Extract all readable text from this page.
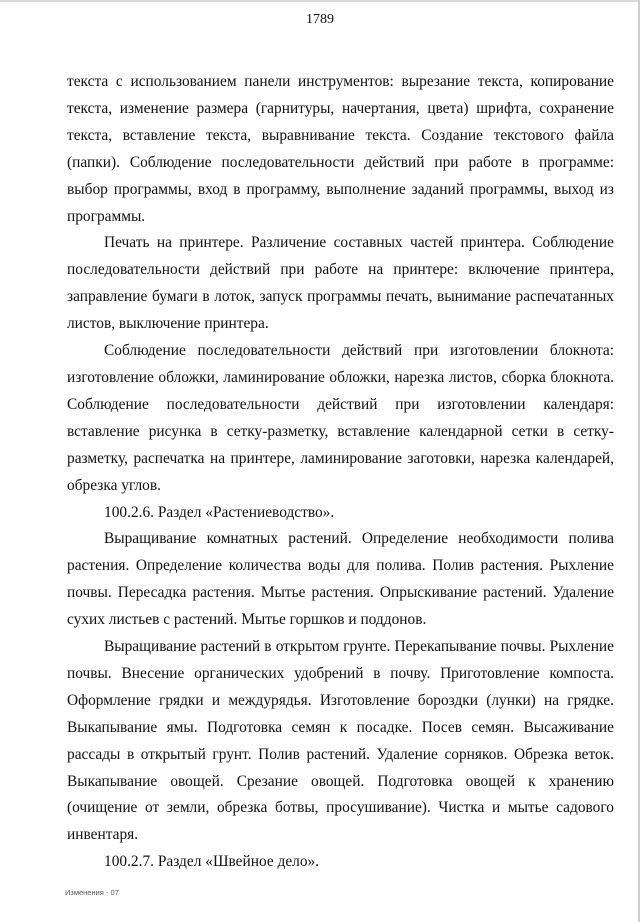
1789

текста с использованием панели инструментов: вырезание текста, копирование текста, изменение размера (гарнитуры, начертания, цвета) шрифта, сохранение текста, вставление текста, выравнивание текста. Создание текстового файла (папки). Соблюдение последовательности действий при работе в программе: выбор программы, вход в программу, выполнение заданий программы, выход из программы.

Печать на принтере. Различение составных частей принтера. Соблюдение последовательности действий при работе на принтере: включение принтера, заправление бумаги в лоток, запуск программы печать, вынимание распечатанных листов, выключение принтера.

Соблюдение последовательности действий при изготовлении блокнота: изготовление обложки, ламинирование обложки, нарезка листов, сборка блокнота. Соблюдение последовательности действий при изготовлении календаря: вставление рисунка в сетку-разметку, вставление календарной сетки в сетку-разметку, распечатка на принтере, ламинирование заготовки, нарезка календарей, обрезка углов.

100.2.6. Раздел «Растениеводство».

Выращивание комнатных растений. Определение необходимости полива растения. Определение количества воды для полива. Полив растения. Рыхление почвы. Пересадка растения. Мытье растения. Опрыскивание растений. Удаление сухих листьев с растений. Мытье горшков и поддонов.

Выращивание растений в открытом грунте. Перекапывание почвы. Рыхление почвы. Внесение органических удобрений в почву. Приготовление компоста. Оформление грядки и междурядья. Изготовление бороздки (лунки) на грядке. Выкапывание ямы. Подготовка семян к посадке. Посев семян. Высаживание рассады в открытый грунт. Полив растений. Удаление сорняков. Обрезка веток. Выкапывание овощей. Срезание овощей. Подготовка овощей к хранению (очищение от земли, обрезка ботвы, просушивание). Чистка и мытье садового инвентаря.

100.2.7. Раздел «Швейное дело».

Изменения - 07
